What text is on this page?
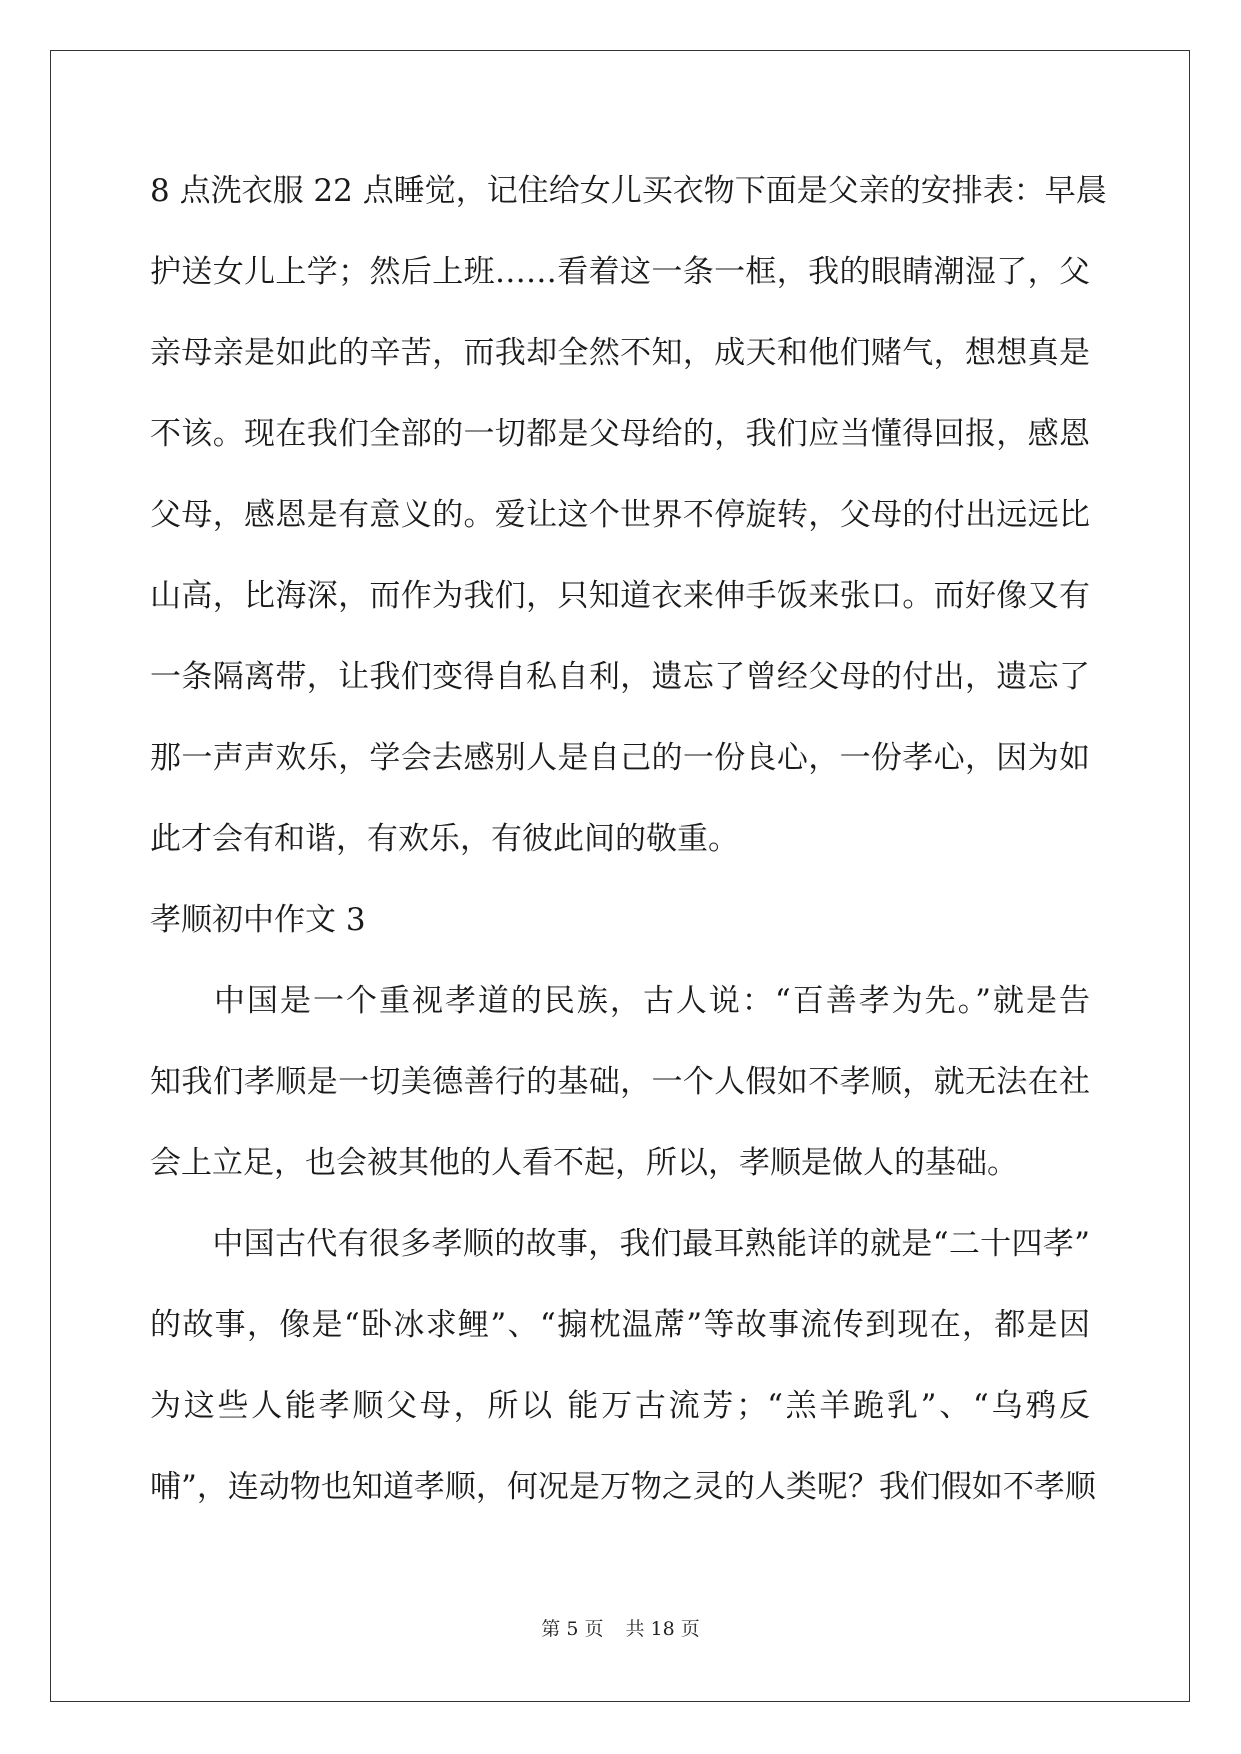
8 点洗衣服 22 点睡觉，记住给女儿买衣物下面是父亲的安排表：早晨
护送女儿上学；然后上班……看着这一条一框，我的眼睛潮湿了，父
亲母亲是如此的辛苦，而我却全然不知，成天和他们赌气，想想真是
不该。现在我们全部的一切都是父母给的，我们应当懂得回报，感恩
父母，感恩是有意义的。爱让这个世界不停旋转，父母的付出远远比
山高，比海深，而作为我们，只知道衣来伸手饭来张口。而好像又有
一条隔离带，让我们变得自私自利，遗忘了曾经父母的付出，遗忘了
那一声声欢乐，学会去感别人是自己的一份良心，一份孝心，因为如
此才会有和谐，有欢乐，有彼此间的敬重。
孝顺初中作文 3
中国是一个重视孝道的民族，古人说：“百善孝为先。”就是告
知我们孝顺是一切美德善行的基础，一个人假如不孝顺，就无法在社
会上立足，也会被其他的人看不起，所以，孝顺是做人的基础。
中国古代有很多孝顺的故事，我们最耳熟能详的就是“二十四孝”
的故事，像是“卧冰求鲤”、“搧枕温蓆”等故事流传到现在，都是因
为这些人能孝顺父母，所以 能万古流芳；“羔羊跪乳”、“乌鸦反
哺”，连动物也知道孝顺，何况是万物之灵的人类呢？我们假如不孝顺
第 5 页 共 18 页
